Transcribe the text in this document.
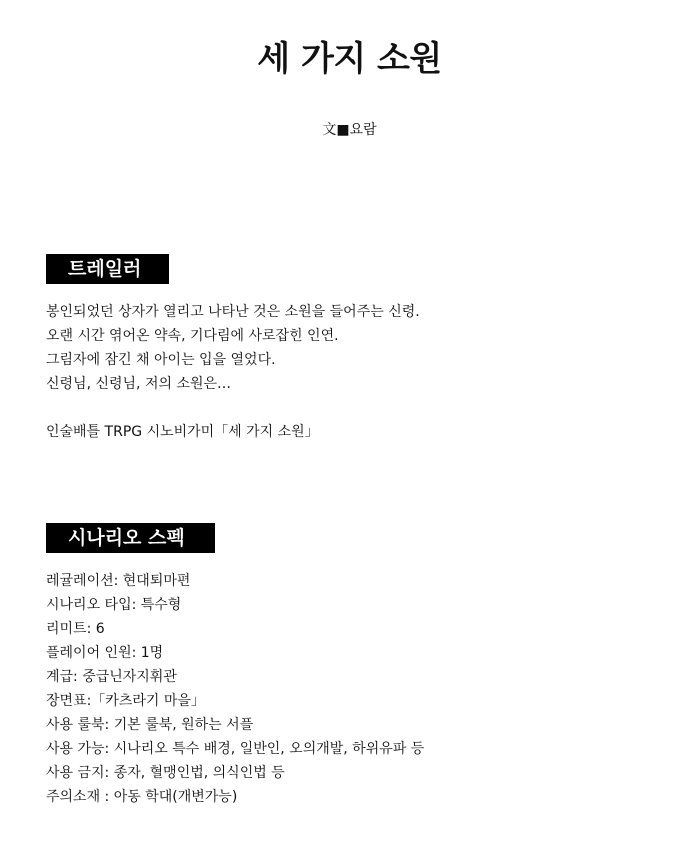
세 가지 소원
文■요람
트레일러

봉인되었던 상자가 열리고 나타난 것은 소원을 들어주는 신령.

오랜 시간 엮어온 약속, 기다림에 사로잡힌 인연.

그림자에 잠긴 채 아이는 입을 열었다.

신령님, 신령님, 저의 소원은…

인술배틀 TRPG 시노비가미「세 가지 소원」

시나리오 스펙

레귤레이션: 현대퇴마편

시나리오 타입: 특수형

리미트: 6

플레이어 인원: 1명

계급: 중급닌자지휘관

장면표:「카츠라기 마을」

사용 룰북: 기본 룰북, 원하는 서플

사용 가능: 시나리오 특수 배경, 일반인, 오의개발, 하위유파 등

사용 금지: 종자, 혈맹인법, 의식인법 등

주의소재 : 아동 학대(개변가능)
